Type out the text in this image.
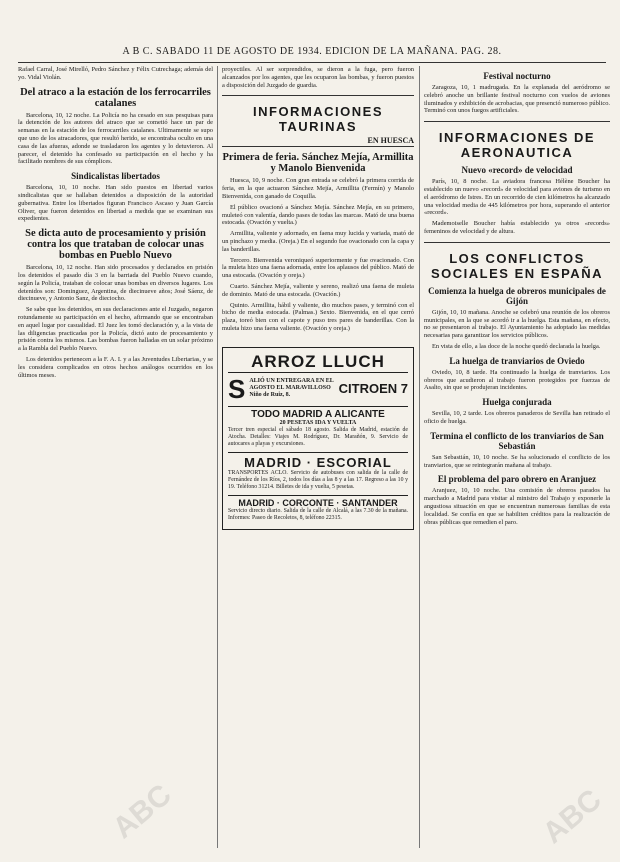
A B C. SABADO 11 DE AGOSTO DE 1934. EDICION DE LA MAÑANA. PAG. 28.

Rafael Carral, José Mirelló, Pedro Sánchez y Félix Cutrechaga; además del yo. Vidal Violán.

Del atraco a la estación de los ferrocarriles catalanes

Barcelona, 10, 12 noche. La Policía no ha cesado en sus pesquisas para la detención de los autores del atraco que se cometió hace un par de semanas en la estación de los ferrocarriles catalanes. Ultimamente se supo que uno de los atracadores, que resultó herido, se encontraba oculto en una casa de las afueras, adonde se trasladaron los agentes y lo detuvieron. Al parecer, el detenido ha confesado su participación en el hecho y ha facilitado nombres de sus cómplices.

Sindicalistas libertados

Barcelona, 10, 10 noche. Han sido puestos en libertad varios sindicalistas que se hallaban detenidos a disposición de la autoridad gubernativa. Entre los libertados figuran Francisco Ascaso y Juan García Oliver, que fueron detenidos en libertad a medida que se examinan sus expedientes.

Se dicta auto de procesamiento y prisión contra los que trataban de colocar unas bombas en Pueblo Nuevo

Barcelona, 10, 12 noche. Han sido procesados y declarados en prisión los detenidos el pasado día 3 en la barriada del Pueblo Nuevo cuando, según la Policía, trataban de colocar unas bombas en diversos lugares. Los detenidos son: Dominguez, Argentina, de diecinueve años; José Sáenz, de diecinueve, y Antonio Sanz, de dieciocho.

Se sabe que los detenidos, en sus declaraciones ante el Juzgado, negaron rotundamente su participación en el hecho, afirmando que se encontraban en aquel lugar por casualidad. El Juez les tomó declaración y, a la vista de las diligencias practicadas por la Policía, dictó auto de procesamiento y prisión contra los mismos. Las bombas fueron halladas en un solar próximo a la Rambla del Pueblo Nuevo.

Los detenidos pertenecen a la F. A. I. y a las Juventudes Libertarias, y se les considera complicados en otros hechos análogos ocurridos en los últimos meses.

proyectiles. Al ser sorprendidos, se dieron a la fuga, pero fueron alcanzados por los agentes, que les ocuparon las bombas, y fueron puestos a disposición del Juzgado de guardia.

INFORMACIONES TAURINAS
EN HUESCA
Primera de feria. Sánchez Mejía, Armillita y Manolo Bienvenida

Huesca, 10, 9 noche. Con gran entrada se celebró la primera corrida de feria, en la que actuaron Sánchez Mejía, Armillita (Fermín) y Manolo Bienvenida, con ganado de Coquilla.

El público ovacionó a Sánchez Mejía. Sánchez Mejía, en su primero, muleteó con valentía, dando pases de todas las marcas. Mató de una buena estocada. (Ovación y vuelta.)

Armillita, valiente y adornado, en faena muy lucida y variada, mató de un pinchazo y media. (Oreja.) En el segundo fue ovacionado con la capa y las banderillas.

Tercero. Bienvenida veroniqueó superiormente y fue ovacionado. Con la muleta hizo una faena adornada, entre los aplausos del público. Mató de una estocada. (Ovación y oreja.)

Cuarto. Sánchez Mejía, valiente y sereno, realizó una faena de muleta de dominio. Mató de una estocada. (Ovación.)

Quinto. Armillita, hábil y valiente, dio muchos pases, y terminó con el bicho de media estocada. (Palmas.) Sexto. Bienvenida, en el que cerró plaza, toreó bien con el capote y puso tres pares de banderillas. Con la muleta hizo una faena valiente. (Ovación y oreja.)

ARROZ LLUCH
S ALIÓ UN ENTREGARA EN EL AGOSTO EL MARAVILLOSO
Niño de Ruiz, 8.	CITROEN 7
TODO MADRID A ALICANTE
20 PESETAS IDA Y VUELTA

Tercer tren especial el sábado 18 agosto. Salida de Madrid, estación de Atocha. Detalles: Viajes M. Rodríguez, Dr. Marañón, 9. Servicio de autocares a playas y excursiones.

MADRID · ESCORIAL

TRANSPORTES ACLO. Servicio de autobuses con salida de la calle de Fernández de los Ríos, 2, todos los días a las 8 y a las 17. Regreso a las 10 y 19. Teléfono 31214. Billetes de ida y vuelta, 5 pesetas.

MADRID · CORCONTE · SANTANDER

Servicio directo diario. Salida de la calle de Alcalá, a las 7.30 de la mañana. Informes: Paseo de Recoletos, 8, teléfono 22315.

Festival nocturno

Zaragoza, 10, 1 madrugada. En la explanada del aeródromo se celebró anoche un brillante festival nocturno con vuelos de aviones iluminados y exhibición de acrobacias, que presenció numeroso público. Terminó con unos fuegos artificiales.

INFORMACIONES DE AERONAUTICA
Nuevo «record» de velocidad

París, 10, 8 noche. La aviadora francesa Hélène Boucher ha establecido un nuevo «record» de velocidad para aviones de turismo en el aeródromo de Istres. En un recorrido de cien kilómetros ha alcanzado una velocidad media de 445 kilómetros por hora, superando el anterior «record».

Mademoiselle Boucher había establecido ya otros «records» femeninos de velocidad y de altura.

LOS CONFLICTOS SOCIALES EN ESPAÑA
Comienza la huelga de obreros municipales de Gijón

Gijón, 10, 10 mañana. Anoche se celebró una reunión de los obreros municipales, en la que se acordó ir a la huelga. Esta mañana, en efecto, no se presentaron al trabajo. El Ayuntamiento ha adoptado las medidas necesarias para garantizar los servicios públicos.

En vista de ello, a las doce de la noche quedó declarada la huelga.

La huelga de tranviarios de Oviedo

Oviedo, 10, 8 tarde. Ha continuado la huelga de tranviarios. Los obreros que acudieron al trabajo fueron protegidos por fuerzas de Asalto, sin que se produjeran incidentes.

Huelga conjurada

Sevilla, 10, 2 tarde. Los obreros panaderos de Sevilla han retirado el oficio de huelga.

Termina el conflicto de los tranviarios de San Sebastián

San Sebastián, 10, 10 noche. Se ha solucionado el conflicto de los tranviarios, que se reintegrarán mañana al trabajo.

El problema del paro obrero en Aranjuez

Aranjuez, 10, 10 noche. Una comisión de obreros parados ha marchado a Madrid para visitar al ministro del Trabajo y exponerle la angustiosa situación en que se encuentran numerosas familias de esta localidad. Se confía en que se habiliten créditos para la realización de obras públicas que remedien el paro.

ABC	ABC
